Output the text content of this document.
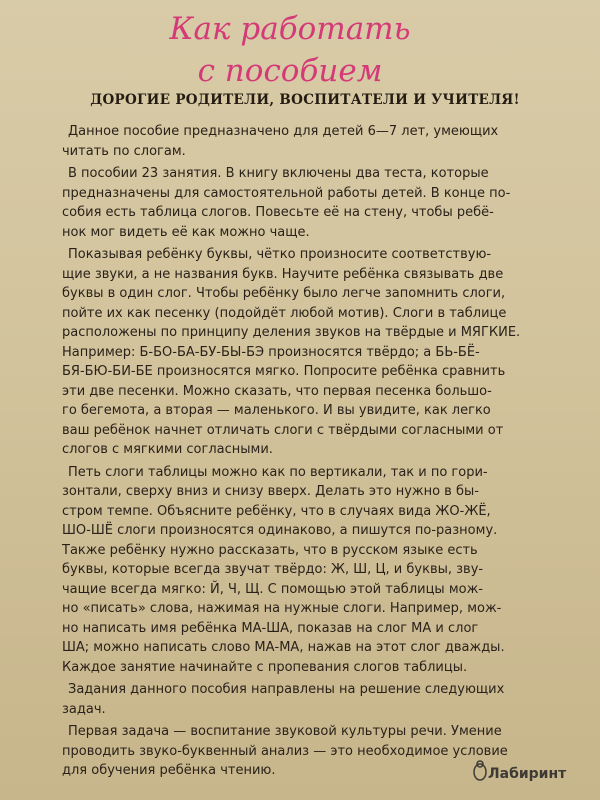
Как работать
с пособием
ДОРОГИЕ РОДИТЕЛИ, ВОСПИТАТЕЛИ И УЧИТЕЛЯ!
Данное пособие предназначено для детей 6—7 лет, умеющих
читать по слогам.
В пособии 23 занятия. В книгу включены два теста, которые
предназначены для самостоятельной работы детей. В конце по-
собия есть таблица слогов. Повесьте её на стену, чтобы ребё-
нок мог видеть её как можно чаще.
Показывая ребёнку буквы, чётко произносите соответствую-
щие звуки, а не названия букв. Научите ребёнка связывать две
буквы в один слог. Чтобы ребёнку было легче запомнить слоги,
пойте их как песенку (подойдёт любой мотив). Слоги в таблице
расположены по принципу деления звуков на твёрдые и МЯГКИЕ.
Например: Б-БО-БА-БУ-БЫ-БЭ произносятся твёрдо; а БЬ-БЁ-
БЯ-БЮ-БИ-БЕ произносятся мягко. Попросите ребёнка сравнить
эти две песенки. Можно сказать, что первая песенка большо-
го бегемота, а вторая — маленького. И вы увидите, как легко
ваш ребёнок начнет отличать слоги с твёрдыми согласными от
слогов с мягкими согласными.
Петь слоги таблицы можно как по вертикали, так и по гори-
зонтали, сверху вниз и снизу вверх. Делать это нужно в бы-
стром темпе. Объясните ребёнку, что в случаях вида ЖО-ЖЁ,
ШО-ШЁ слоги произносятся одинаково, а пишутся по-разному.
Также ребёнку нужно рассказать, что в русском языке есть
буквы, которые всегда звучат твёрдо: Ж, Ш, Ц, и буквы, зву-
чащие всегда мягко: Й, Ч, Щ. С помощью этой таблицы мож-
но «писать» слова, нажимая на нужные слоги. Например, мож-
но написать имя ребёнка МА-ША, показав на слог МА и слог
ША; можно написать слово МА-МА, нажав на этот слог дважды.
Каждое занятие начинайте с пропевания слогов таблицы.
Задания данного пособия направлены на решение следующих
задач.
Первая задача — воспитание звуковой культуры речи. Умение
проводить звуко-буквенный анализ — это необходимое условие
для обучения ребёнка чтению.	Лабиринт
